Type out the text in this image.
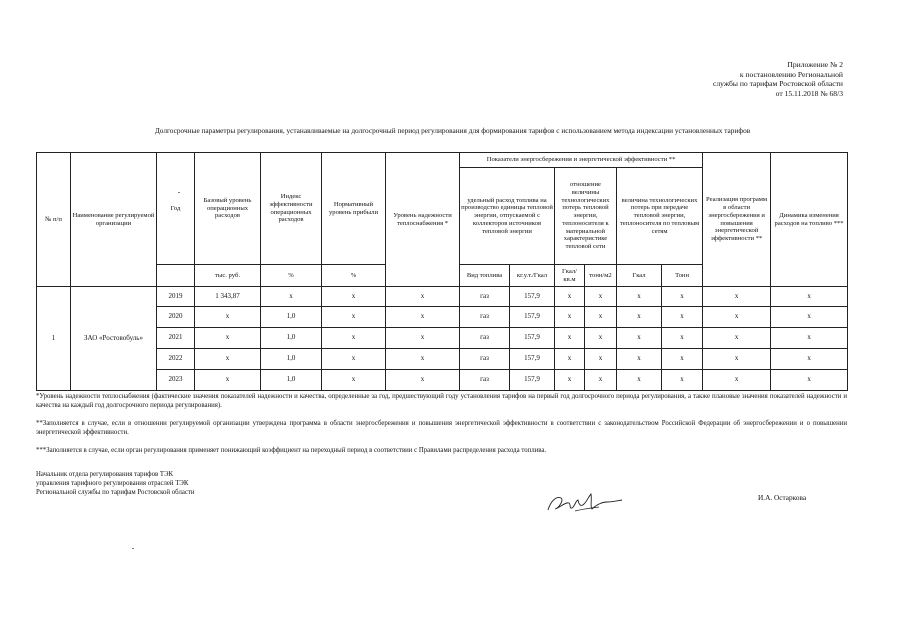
Приложение № 2
к постановлению Региональной
службы по тарифам Ростовской области
от 15.11.2018 № 68/3
Долгосрочные параметры регулирования, устанавливаемые на долгосрочный период регулирования для формирования тарифов с использованием метода индексации установленных тарифов
№ п/п	Наименование регулируемой организации	Год	Базовый уровень операционных расходов	Индекс эффективности операционных расходов	Нормативный уровень прибыли	Уровень надежности теплоснабжения *	Показатели энергосбережения и энергетической эффективности **						Реализация программ в области энергосбережения и повышения энергетической эффективности **	Динамика изменения расходов на топливо ***
							удельный расход топлива на производство единицы тепловой энергии, отпускаемой с коллекторов источников тепловой энергии		отношение величины технологических потерь тепловой энергии, теплоносителя к материальной характеристике тепловой сети		величина технологических потерь при передаче тепловой энергии, теплоносителя по тепловым сетям			
			тыс. руб.	%	%		Вид топлива	кг.у.т./Гкал	Гкал/ кв.м	тонн/м2	Гкал	Тонн		
1	ЗАО «Ростовобуль»	2019	1 343,87	x	x	x	газ	157,9	x	x	x	x	x	x
		2020	x	1,0	x	x	газ	157,9	x	x	x	x	x	x
		2021	x	1,0	x	x	газ	157,9	x	x	x	x	x	x
		2022	x	1,0	x	x	газ	157,9	x	x	x	x	x	x
		2023	x	1,0	x	x	газ	157,9	x	x	x	x	x	x
*Уровень надежности теплоснабжения (фактические значения показателей надежности и качества, определенные за год, предшествующий году установления тарифов на первый год долгосрочного периода регулирования, а также плановые значения показателей надежности и качества на каждый год долгосрочного периода регулирования).
**Заполняется в случае, если в отношении регулируемой организации утверждена программа в области энергосбережения и повышения энергетической эффективности в соответствии с законодательством Российской Федерации об энергосбережении и о повышении энергетической эффективности.
***Заполняется в случае, если орган регулирования применяет понижающий коэффициент на переходный период в соответствии с Правилами распределения расхода топлива.
Начальник отдела регулирования тарифов ТЭК
управления тарифного регулирования отраслей ТЭК
Региональной службы по тарифам Ростовской области
И.А. Остаркова
